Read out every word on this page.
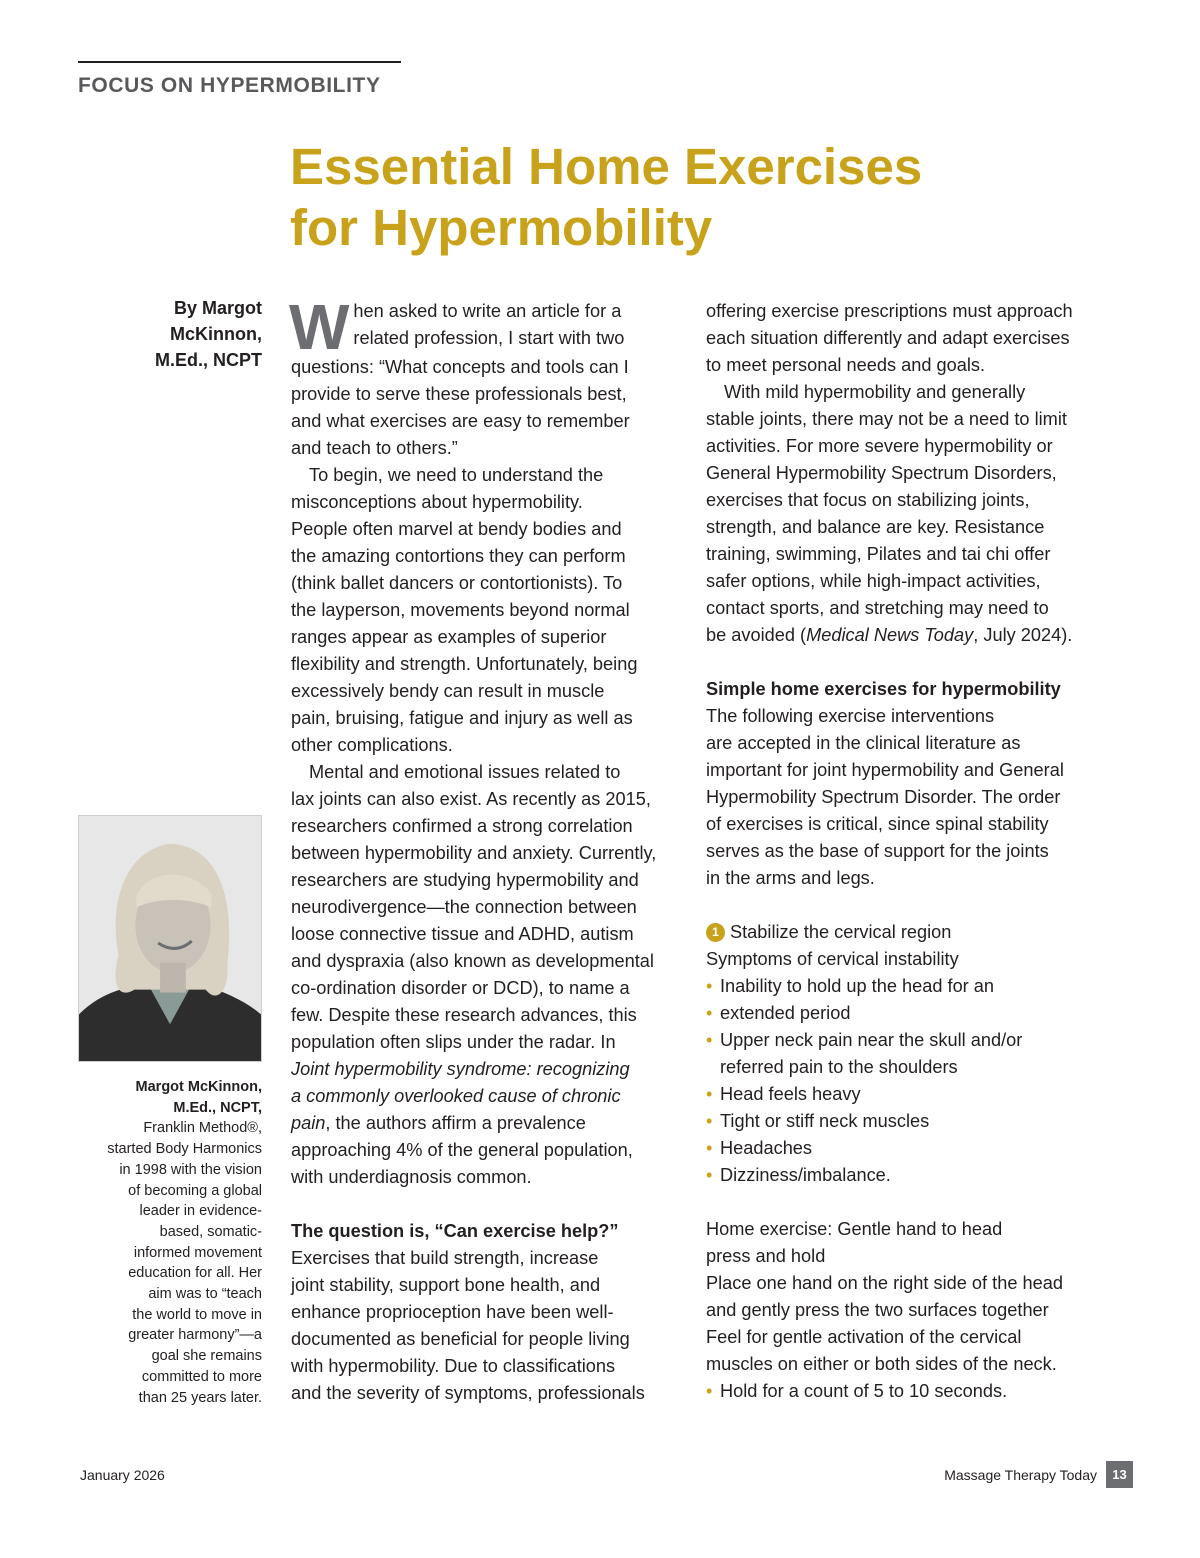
FOCUS ON HYPERMOBILITY
Essential Home Exercises
for Hypermobility
By Margot
McKinnon,
M.Ed., NCPT
Margot McKinnon,
M.Ed., NCPT,
Franklin Method®,
started Body Harmonics
in 1998 with the vision
of becoming a global
leader in evidence-
based, somatic-
informed movement
education for all. Her
aim was to “teach
the world to move in
greater harmony”—a
goal she remains
committed to more
than 25 years later.
W hen asked to write an article for a
related profession, I start with two
questions: “What concepts and tools can I
provide to serve these professionals best,
and what exercises are easy to remember
and teach to others.”
To begin, we need to understand the
misconceptions about hypermobility.
People often marvel at bendy bodies and
the amazing contortions they can perform
(think ballet dancers or contortionists). To
the layperson, movements beyond normal
ranges appear as examples of superior
flexibility and strength. Unfortunately, being
excessively bendy can result in muscle
pain, bruising, fatigue and injury as well as
other complications.
Mental and emotional issues related to
lax joints can also exist. As recently as 2015,
researchers confirmed a strong correlation
between hypermobility and anxiety. Currently,
researchers are studying hypermobility and
neurodivergence—the connection between
loose connective tissue and ADHD, autism
and dyspraxia (also known as developmental
co-ordination disorder or DCD), to name a
few. Despite these research advances, this
population often slips under the radar. In
Joint hypermobility syndrome: recognizing
a commonly overlooked cause of chronic
pain, the authors affirm a prevalence
approaching 4% of the general population,
with underdiagnosis common.
The question is, “Can exercise help?”
Exercises that build strength, increase
joint stability, support bone health, and
enhance proprioception have been well-
documented as beneficial for people living
with hypermobility. Due to classifications
and the severity of symptoms, professionals
offering exercise prescriptions must approach
each situation differently and adapt exercises
to meet personal needs and goals.
With mild hypermobility and generally
stable joints, there may not be a need to limit
activities. For more severe hypermobility or
General Hypermobility Spectrum Disorders,
exercises that focus on stabilizing joints,
strength, and balance are key. Resistance
training, swimming, Pilates and tai chi offer
safer options, while high-impact activities,
contact sports, and stretching may need to
be avoided (Medical News Today, July 2024).
Simple home exercises for hypermobility
The following exercise interventions
are accepted in the clinical literature as
important for joint hypermobility and General
Hypermobility Spectrum Disorder. The order
of exercises is critical, since spinal stability
serves as the base of support for the joints
in the arms and legs.
1 Stabilize the cervical region
Symptoms of cervical instability
• Inability to hold up the head for an
• extended period
• Upper neck pain near the skull and/or
referred pain to the shoulders
• Head feels heavy
• Tight or stiff neck muscles
• Headaches
• Dizziness/imbalance.
Home exercise: Gentle hand to head
press and hold
Place one hand on the right side of the head
and gently press the two surfaces together
Feel for gentle activation of the cervical
muscles on either or both sides of the neck.
• Hold for a count of 5 to 10 seconds.
January 2026	Massage Therapy Today	13
